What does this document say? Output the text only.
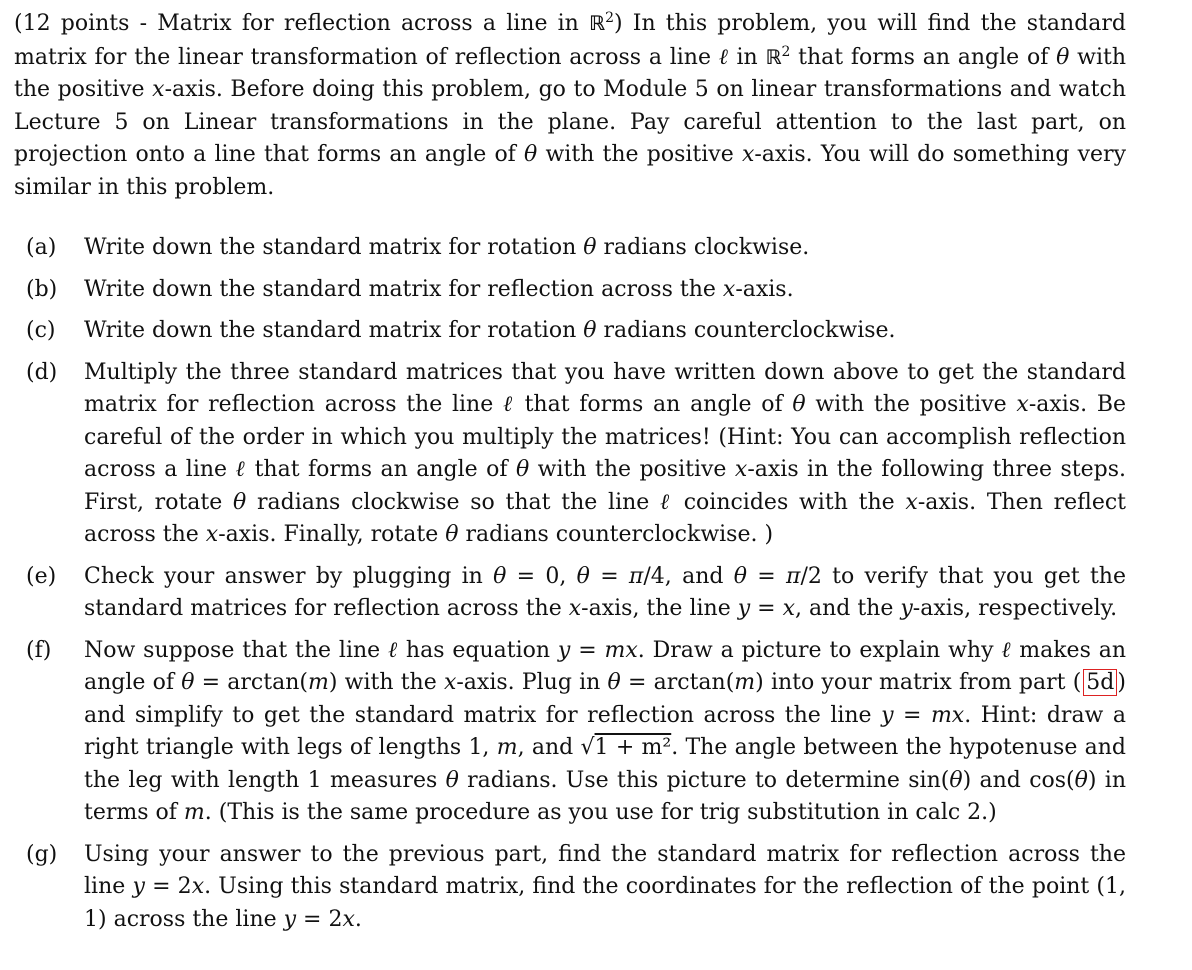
(12 points - Matrix for reflection across a line in ℝ$^2$) In this problem, you will find the standard matrix for the linear transformation of reflection across a line ℓ in ℝ$^2$ that forms an angle of θ with the positive x-axis. Before doing this problem, go to Module 5 on linear transformations and watch Lecture 5 on Linear transformations in the plane. Pay careful attention to the last part, on projection onto a line that forms an angle of θ with the positive x-axis. You will do something very similar in this problem.
(a)	Write down the standard matrix for rotation θ radians clockwise.
(b)	Write down the standard matrix for reflection across the x-axis.
(c)	Write down the standard matrix for rotation θ radians counterclockwise.
(d)	Multiply the three standard matrices that you have written down above to get the standard matrix for reflection across the line ℓ that forms an angle of θ with the positive x-axis. Be careful of the order in which you multiply the matrices! (Hint: You can accomplish reflection across a line ℓ that forms an angle of θ with the positive x-axis in the following three steps. First, rotate θ radians clockwise so that the line ℓ coincides with the x-axis. Then reflect across the x-axis. Finally, rotate θ radians counterclockwise. )
(e)	Check your answer by plugging in θ = 0, θ = π/4, and θ = π/2 to verify that you get the standard matrices for reflection across the x-axis, the line y = x, and the y-axis, respectively.
(f)	Now suppose that the line ℓ has equation y = mx. Draw a picture to explain why ℓ makes an angle of θ = arctan(m) with the x-axis. Plug in θ = arctan(m) into your matrix from part ( 5d ) and simplify to get the standard matrix for reflection across the line y = mx. Hint: draw a right triangle with legs of lengths 1, m, and √1 + m². The angle between the hypotenuse and the leg with length 1 measures θ radians. Use this picture to determine sin(θ) and cos(θ) in terms of m. (This is the same procedure as you use for trig substitution in calc 2.)
(g)	Using your answer to the previous part, find the standard matrix for reflection across the line y = 2x. Using this standard matrix, find the coordinates for the reflection of the point (1, 1) across the line y = 2x.
